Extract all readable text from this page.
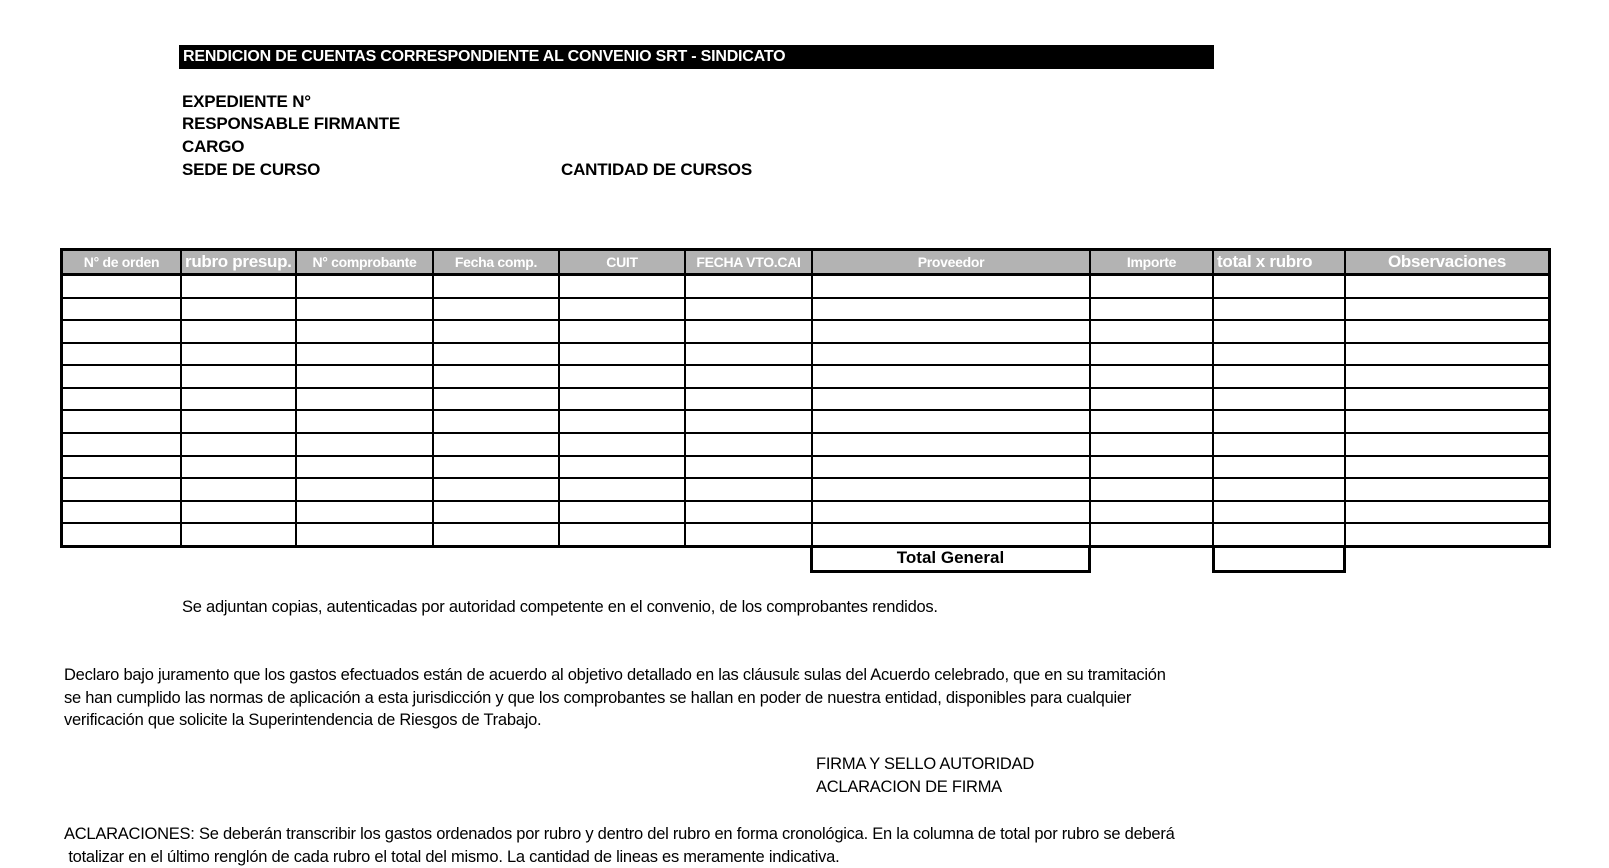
RENDICION DE CUENTAS CORRESPONDIENTE AL CONVENIO SRT - SINDICATO
EXPEDIENTE N°
RESPONSABLE FIRMANTE
CARGO
SEDE DE CURSO	CANTIDAD DE CURSOS
N° de orden	rubro presup.	N° comprobante	Fecha comp.	CUIT	FECHA VTO.CAI	Proveedor	Importe	total x rubro	Observaciones

Total General
Se adjuntan copias, autenticadas por autoridad competente en el convenio, de los comprobantes rendidos.
Declaro bajo juramento que los gastos efectuados están de acuerdo al objetivo detallado en las cláusulε sulas del Acuerdo celebrado, que en su tramitación
se han cumplido las normas de aplicación a esta jurisdicción y que los comprobantes se hallan en poder de nuestra entidad, disponibles para cualquier
verificación que solicite la Superintendencia de Riesgos de Trabajo.
FIRMA Y SELLO AUTORIDAD
ACLARACION DE FIRMA
ACLARACIONES: Se deberán transcribir los gastos ordenados por rubro y dentro del rubro en forma cronológica. En la columna de total por rubro se deberá
totalizar en el último renglón de cada rubro el total del mismo. La cantidad de lineas es meramente indicativa.
